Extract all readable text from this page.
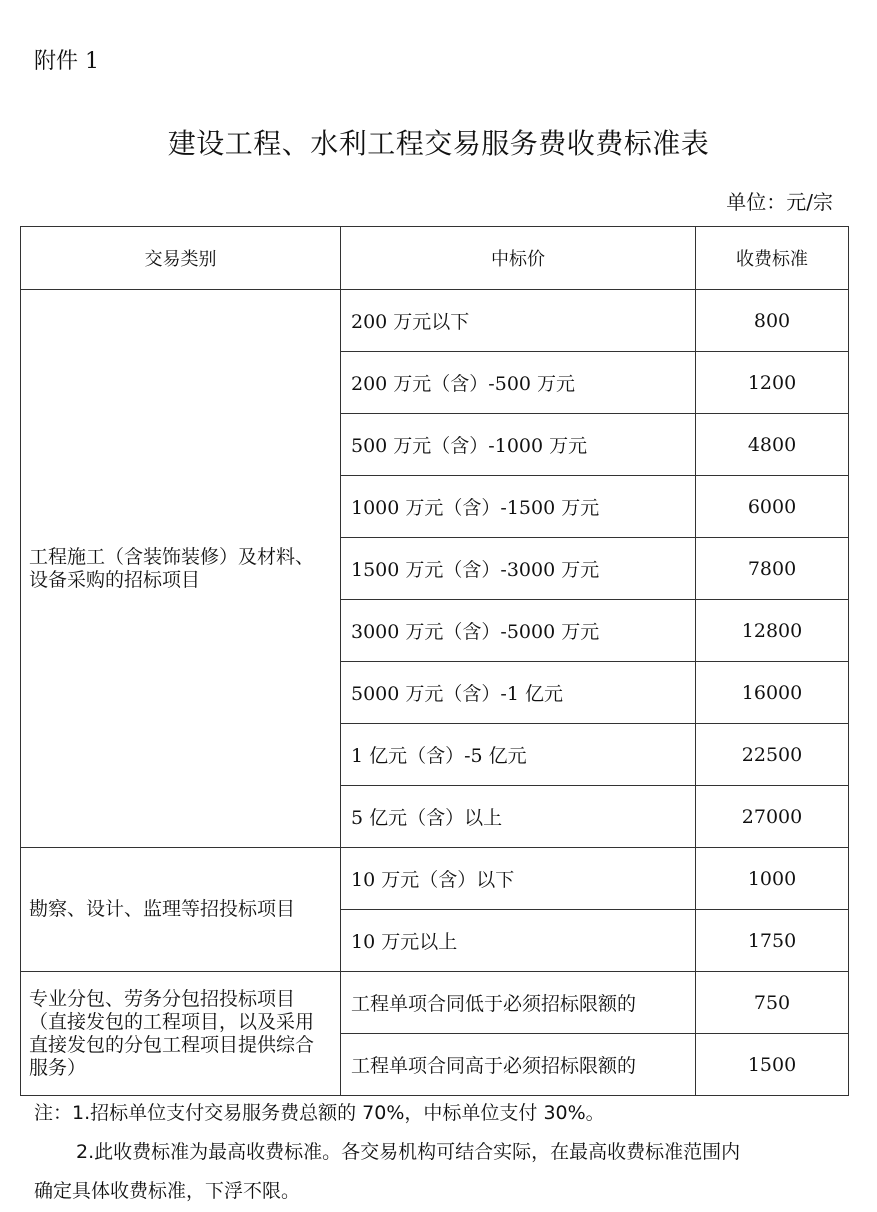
附件 1
建设工程、水利工程交易服务费收费标准表
单位：元/宗
交易类别	中标价	收费标准
工程施工（含装饰装修）及材料、设备采购的招标项目	200 万元以下	800
	200 万元（含）-500 万元	1200
	500 万元（含）-1000 万元	4800
	1000 万元（含）-1500 万元	6000
	1500 万元（含）-3000 万元	7800
	3000 万元（含）-5000 万元	12800
	5000 万元（含）-1 亿元	16000
	1 亿元（含）-5 亿元	22500
	5 亿元（含）以上	27000
勘察、设计、监理等招投标项目	10 万元（含）以下	1000
	10 万元以上	1750
专业分包、劳务分包招投标项目（直接发包的工程项目，以及采用直接发包的分包工程项目提供综合服务）	工程单项合同低于必须招标限额的	750
	工程单项合同高于必须招标限额的	1500
注：1.招标单位支付交易服务费总额的 70%，中标单位支付 30%。
2.此收费标准为最高收费标准。各交易机构可结合实际，在最高收费标准范围内
确定具体收费标准，下浮不限。
